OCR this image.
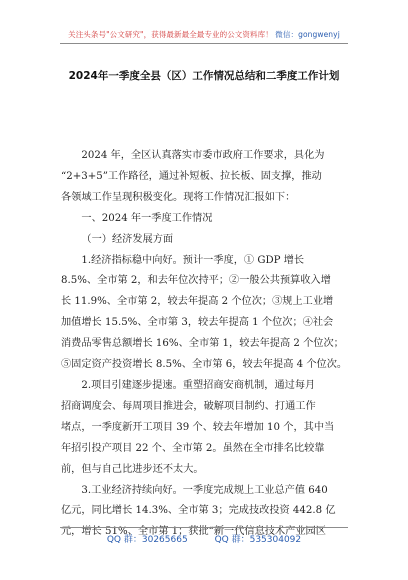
关注头条号"公文研究"，获得最新最全最专业的公文资料库！ 微信：gongwenyj
2024年一季度全县（区）工作情况总结和二季度工作计划

2024 年，全区认真落实市委市政府工作要求，具化为
“2+3+5”工作路径，通过补短板、拉长板、固支撑，推动
各领域工作呈现积极变化。现将工作情况汇报如下：

一、2024 年一季度工作情况

（一）经济发展方面

1.经济指标稳中向好。预计一季度，① GDP 增长
8.5%、全市第 2，和去年位次持平；②一般公共预算收入增
长 11.9%、全市第 2，较去年提高 2 个位次；③规上工业增
加值增长 15.5%、全市第 3，较去年提高 1 个位次；④社会
消费品零售总额增长 16%、全市第 1，较去年提高 2 个位次；
⑤固定资产投资增长 8.5%、全市第 6，较去年提高 4 个位次。

2.项目引建逐步提速。重塑招商安商机制，通过每月
招商调度会、每周项目推进会，破解项目制约、打通工作
堵点，一季度新开工项目 39 个、较去年增加 10 个，其中当
年招引投产项目 22 个、全市第 2。虽然在全市排名比较靠
前，但与自己比进步还不太大。

3.工业经济持续向好。一季度完成规上工业总产值 640
亿元，同比增长 14.3%、全市第 3；完成技改投资 442.8 亿
元，增长 51%、全市第 1；获批“新一代信息技术产业园区

QQ 群：30265665	QQ 群：535304092
